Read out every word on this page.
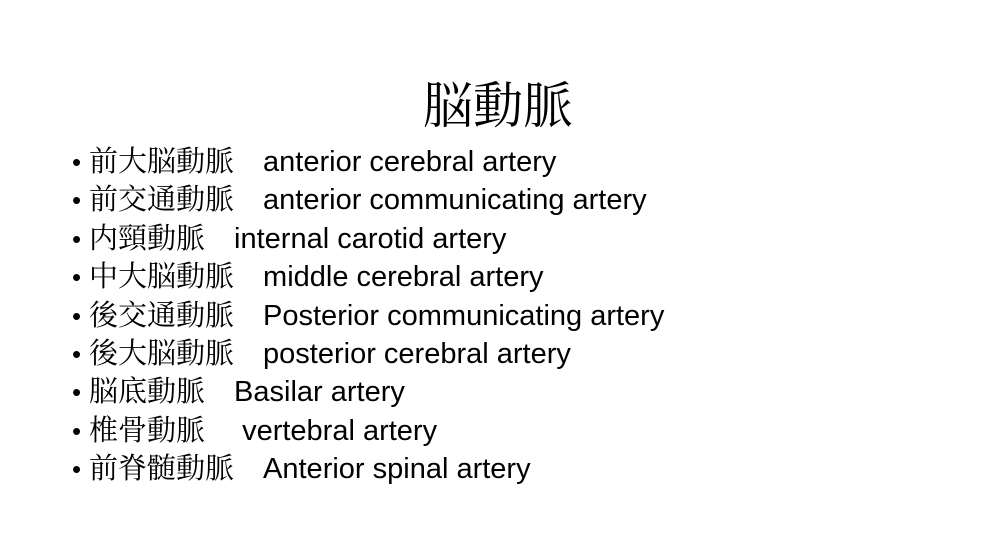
脳動脈
• 前大脳動脈　 anterior cerebral artery
• 前交通動脈　 anterior communicating artery
• 内頸動脈　 internal carotid artery
• 中大脳動脈　 middle cerebral artery
• 後交通動脈　 Posterior communicating artery
• 後大脳動脈　 posterior cerebral artery
• 脳底動脈　 Basilar artery
• 椎骨動脈　 vertebral artery
• 前脊髄動脈　 Anterior spinal artery
